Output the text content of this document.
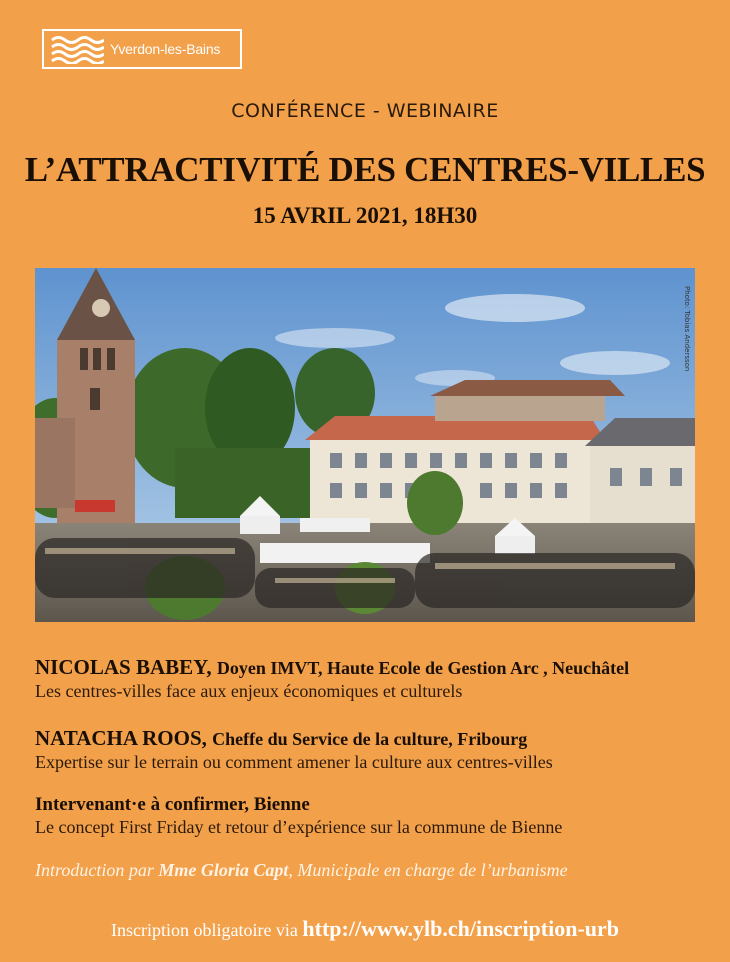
Yverdon-les-Bains
CONFÉRENCE - WEBINAIRE
L’ATTRACTIVITÉ DES CENTRES-VILLES
15 AVRIL 2021, 18H30
Photo: Tobias Andersson
NICOLAS BABEY, Doyen IMVT, Haute Ecole de Gestion Arc , Neuchâtel
Les centres-villes face aux enjeux économiques et culturels
NATACHA ROOS, Cheffe du Service de la culture, Fribourg
Expertise sur le terrain ou comment amener la culture aux centres-villes
Intervenant·e à confirmer, Bienne
Le concept First Friday et retour d’expérience sur la commune de Bienne
Introduction par Mme Gloria Capt, Municipale en charge de l’urbanisme
Inscription obligatoire via http://www.ylb.ch/inscription-urb
